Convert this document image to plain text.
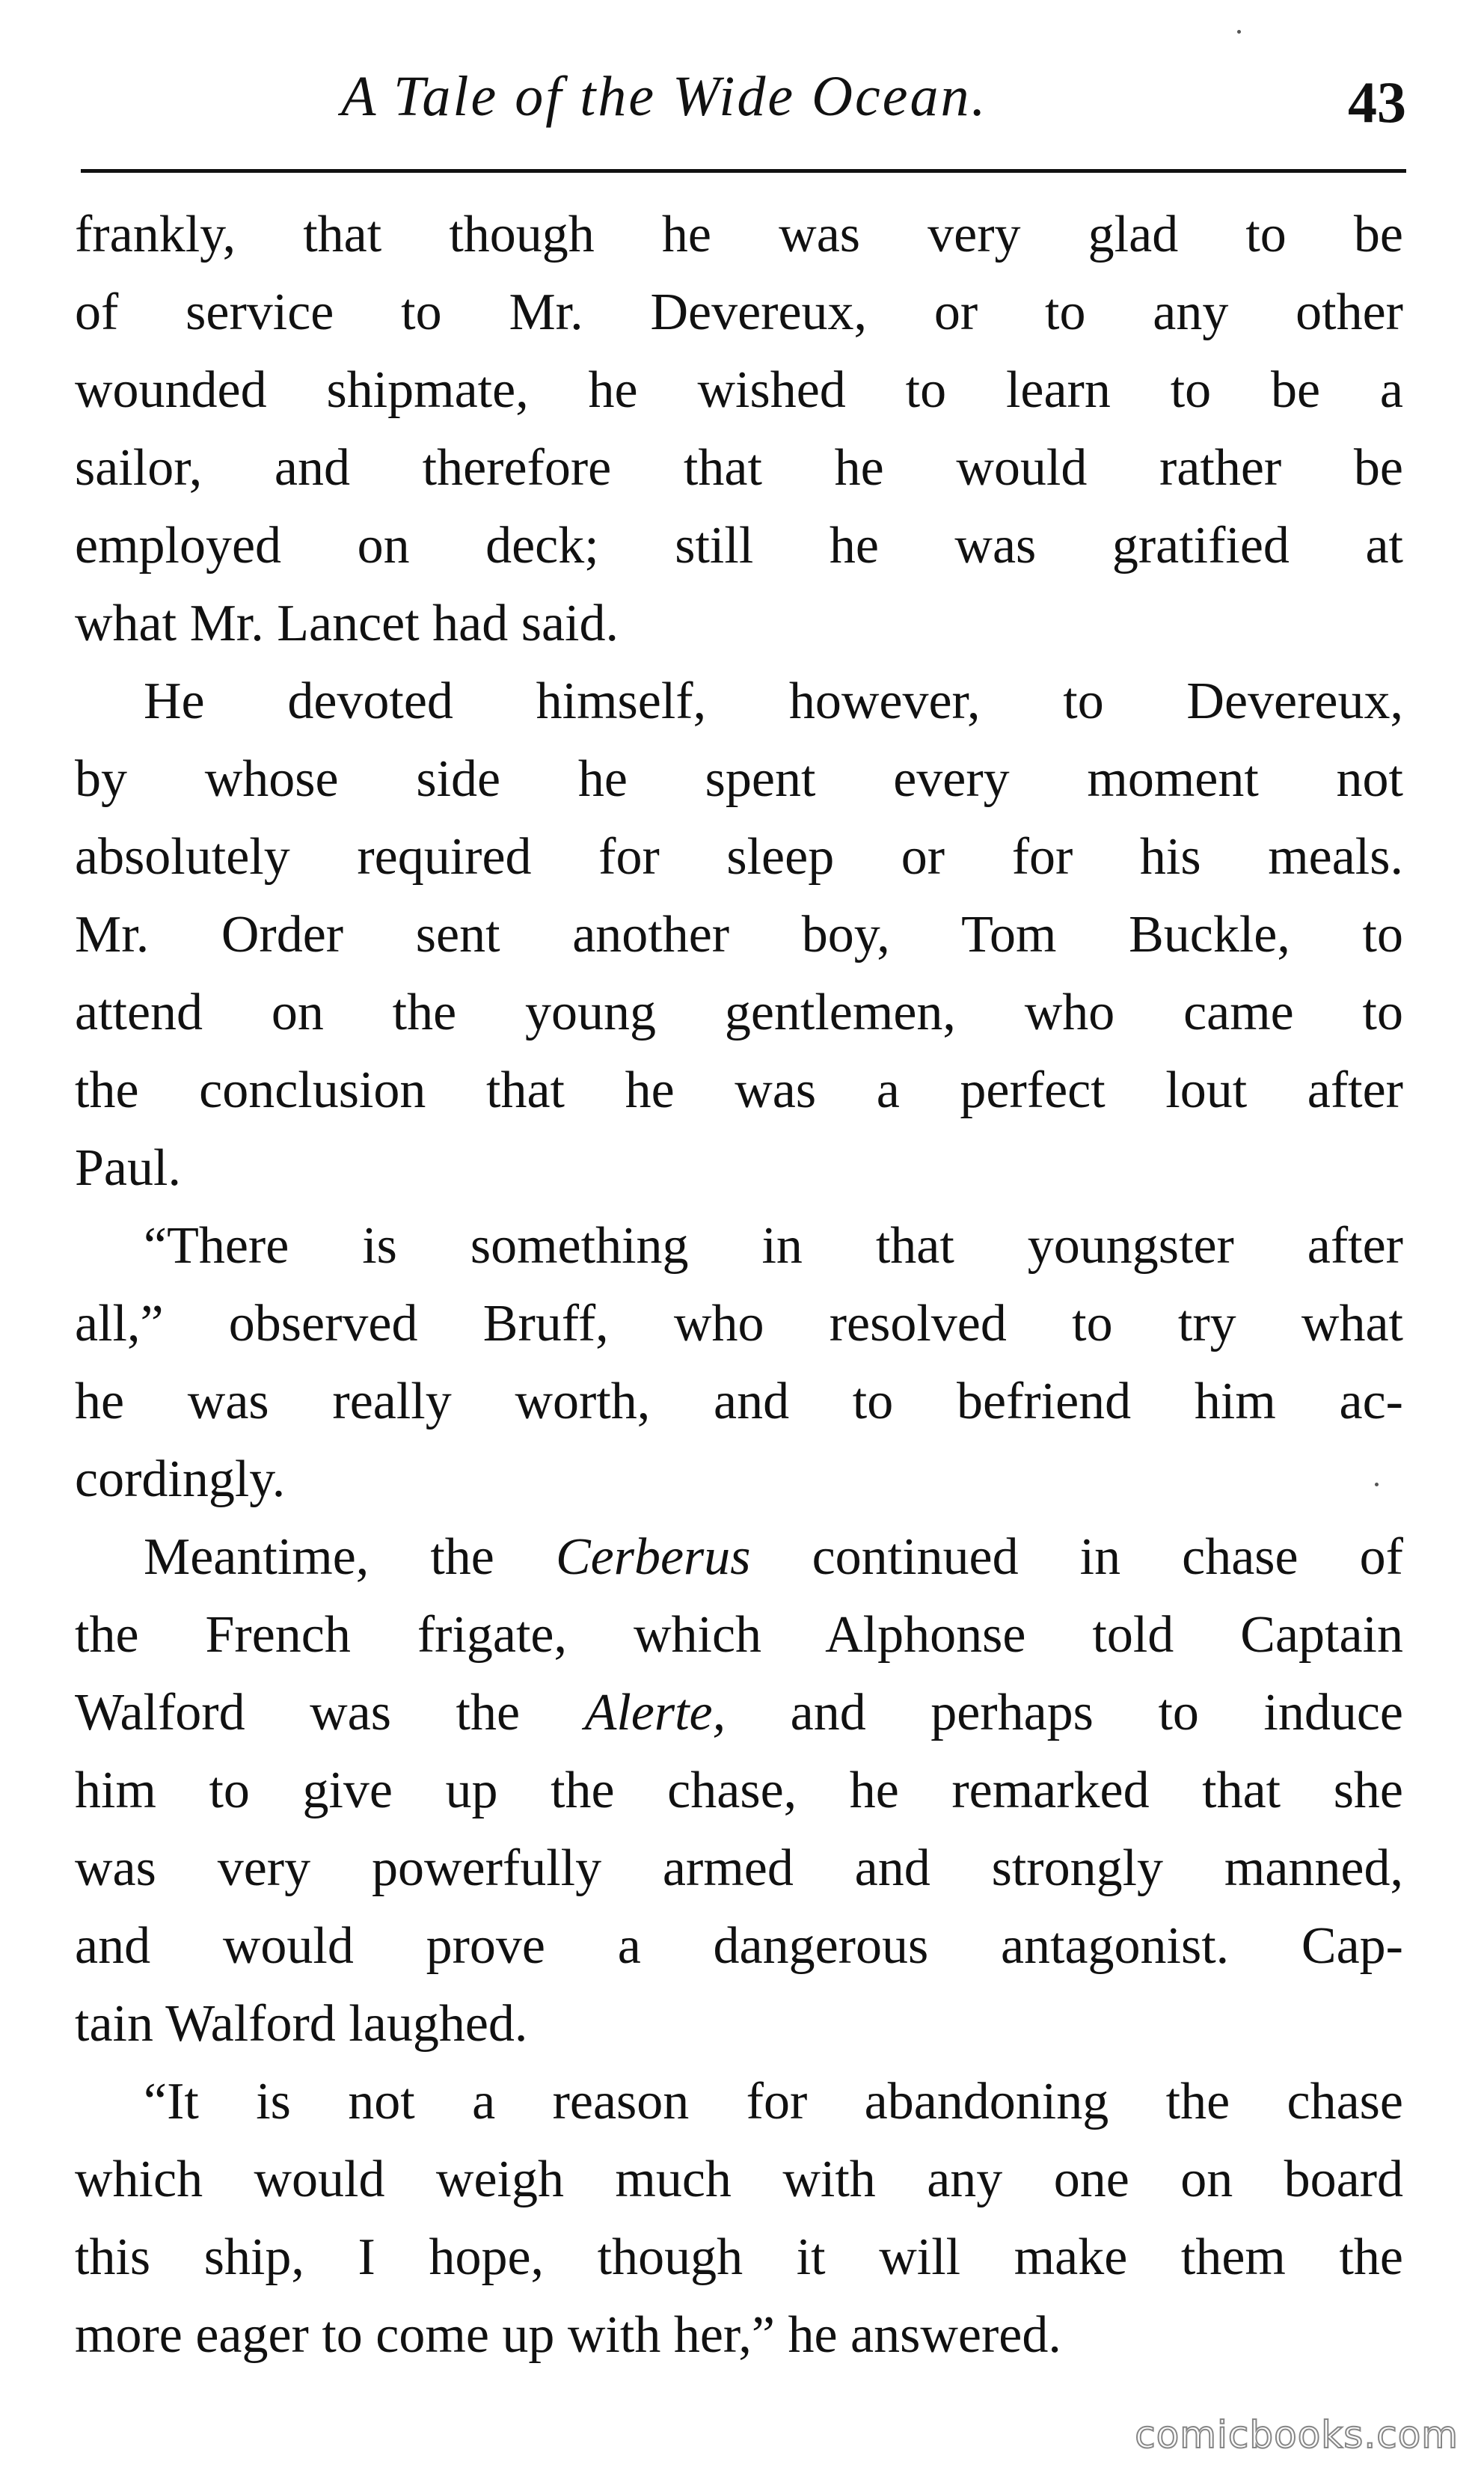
A Tale of the Wide Ocean.	43
frankly, that though he was very glad to be
of service to Mr. Devereux, or to any other
wounded shipmate, he wished to learn to be a
sailor, and therefore that he would rather be
employed on deck; still he was gratified at
what Mr. Lancet had said.
He devoted himself, however, to Devereux,
by whose side he spent every moment not
absolutely required for sleep or for his meals.
Mr. Order sent another boy, Tom Buckle, to
attend on the young gentlemen, who came to
the conclusion that he was a perfect lout after
Paul.
“There is something in that youngster after
all,” observed Bruff, who resolved to try what
he was really worth, and to befriend him ac-
cordingly.
Meantime, the Cerberus continued in chase of
the French frigate, which Alphonse told Captain
Walford was the Alerte, and perhaps to induce
him to give up the chase, he remarked that she
was very powerfully armed and strongly manned,
and would prove a dangerous antagonist. Cap-
tain Walford laughed.
“It is not a reason for abandoning the chase
which would weigh much with any one on board
this ship, I hope, though it will make them the
more eager to come up with her,” he answered.
comicbooks.com
